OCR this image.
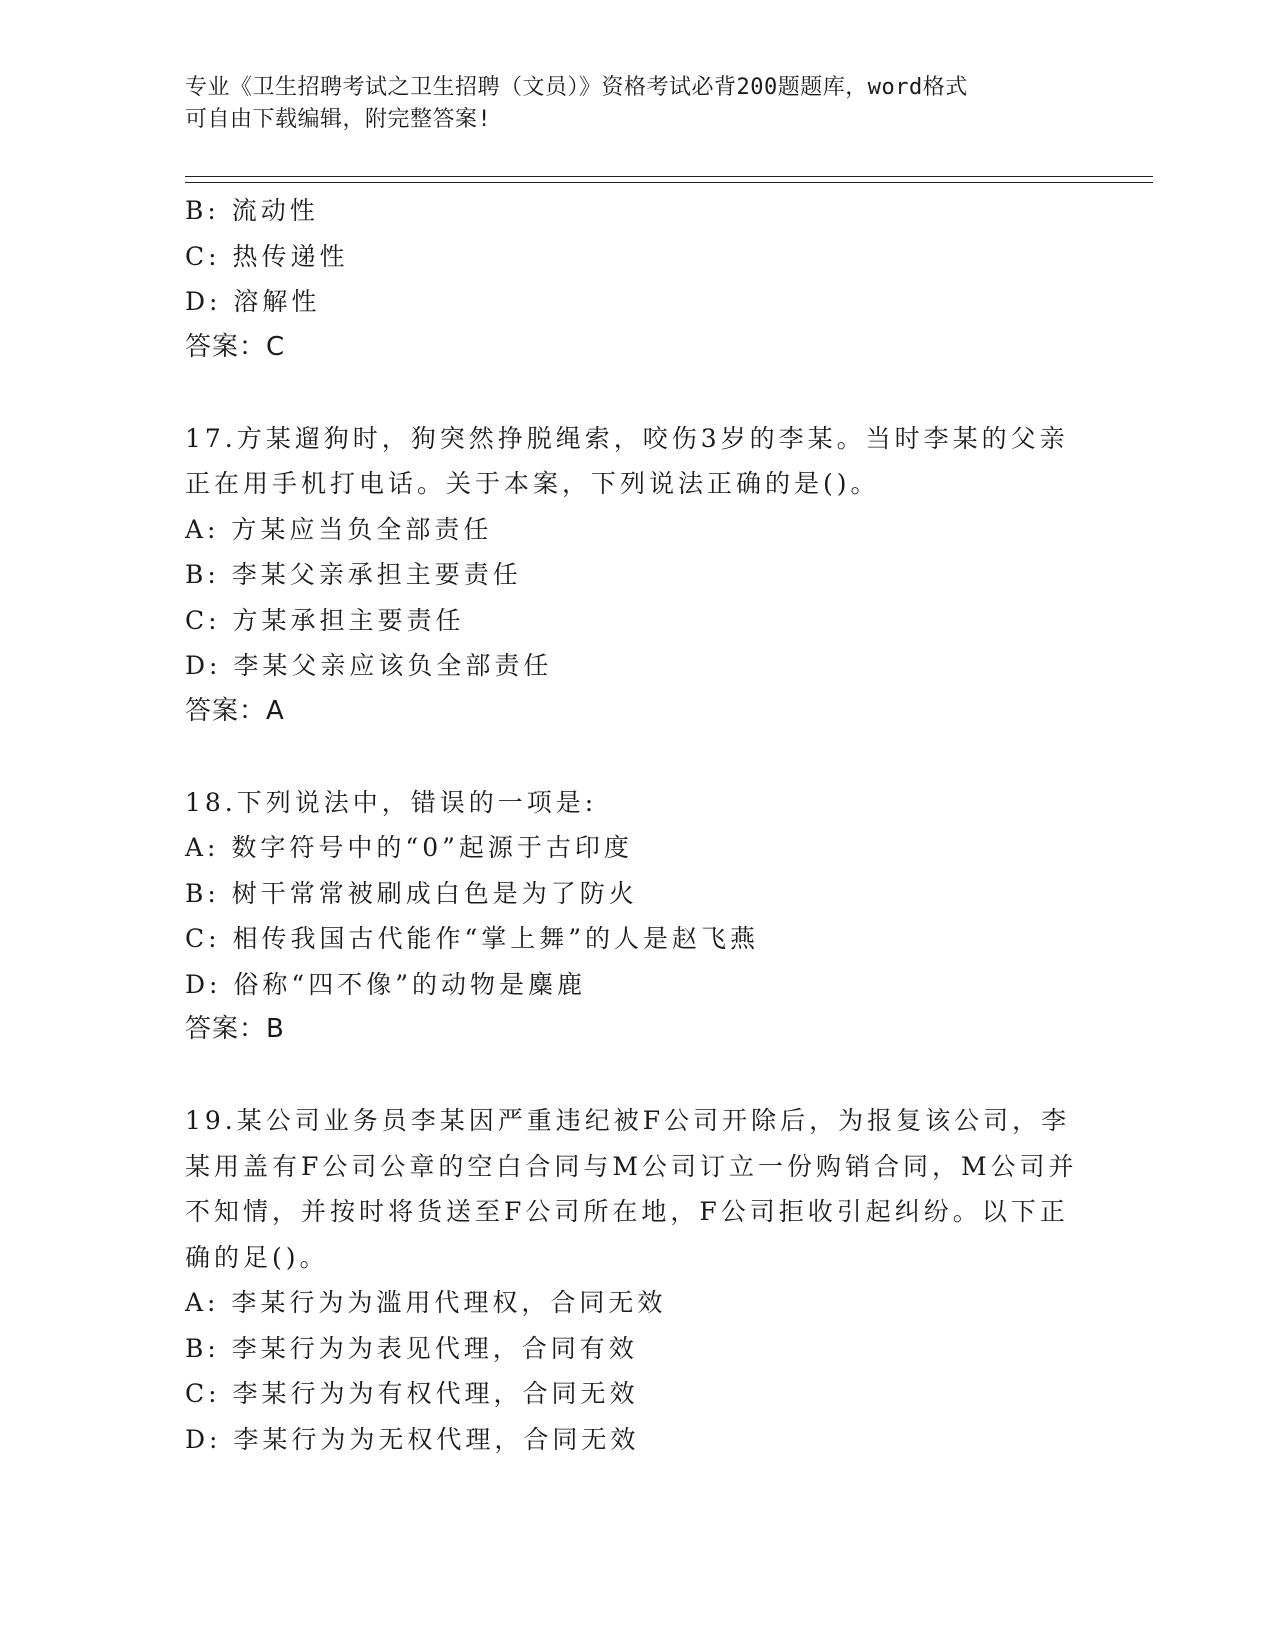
专业《卫生招聘考试之卫生招聘（文员）》资格考试必背200题题库，word格式
可自由下载编辑，附完整答案!
B: 流动性
C: 热传递性
D: 溶解性
答案：C
17.方某遛狗时，狗突然挣脱绳索，咬伤3岁的李某。当时李某的父亲
正在用手机打电话。关于本案，下列说法正确的是()。
A: 方某应当负全部责任
B: 李某父亲承担主要责任
C: 方某承担主要责任
D: 李某父亲应该负全部责任
答案：A
18.下列说法中，错误的一项是:
A: 数字符号中的“0”起源于古印度
B: 树干常常被刷成白色是为了防火
C: 相传我国古代能作“掌上舞”的人是赵飞燕
D: 俗称“四不像”的动物是麋鹿
答案：B
19.某公司业务员李某因严重违纪被F公司开除后，为报复该公司，李
某用盖有F公司公章的空白合同与M公司订立一份购销合同，M公司并
不知情，并按时将货送至F公司所在地，F公司拒收引起纠纷。以下正
确的足()。
A: 李某行为为滥用代理权，合同无效
B: 李某行为为表见代理，合同有效
C: 李某行为为有权代理，合同无效
D: 李某行为为无权代理，合同无效
